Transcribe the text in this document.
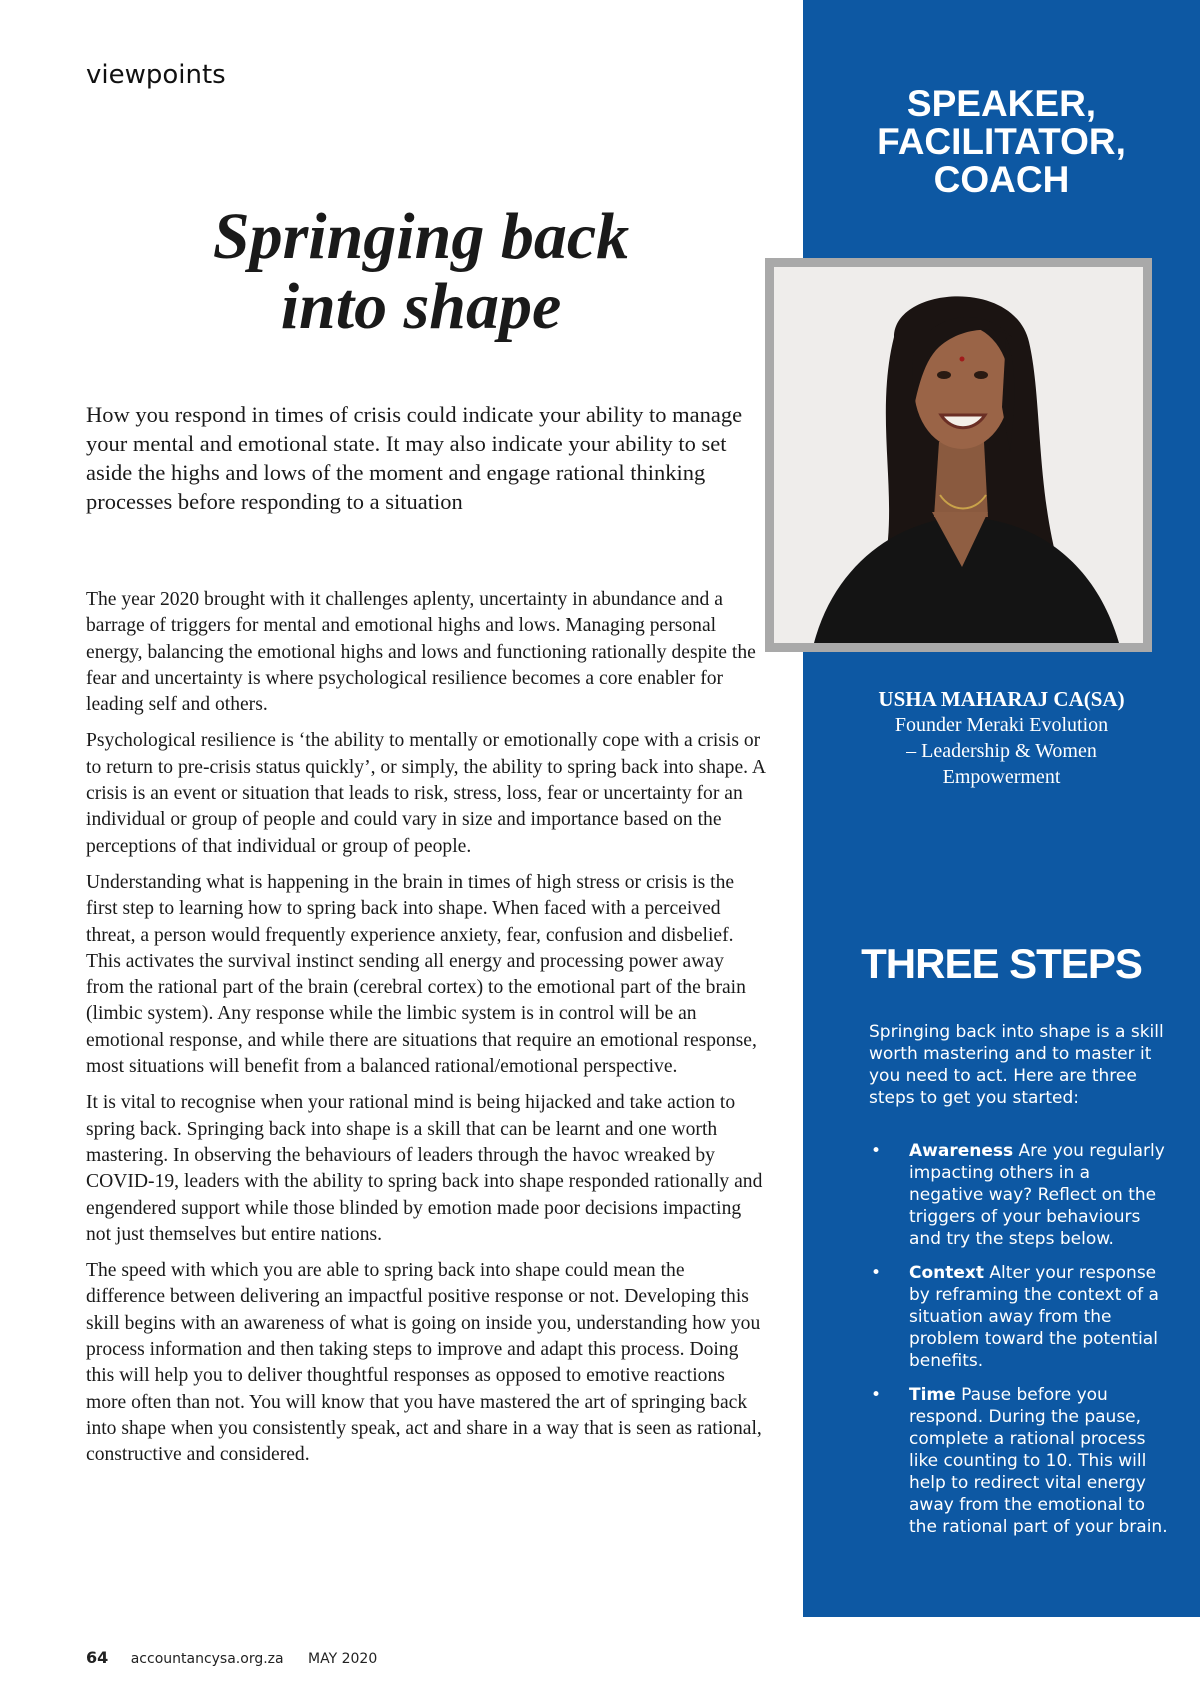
viewpoints
Springing back
into shape

How you respond in times of crisis could indicate your ability to manage your mental and emotional state. It may also indicate your ability to set aside the highs and lows of the moment and engage rational thinking processes before responding to a situation

The year 2020 brought with it challenges aplenty, uncertainty in abundance and a barrage of triggers for mental and emotional highs and lows. Managing personal energy, balancing the emotional highs and lows and functioning rationally despite the fear and uncertainty is where psychological resilience becomes a core enabler for leading self and others.

Psychological resilience is ‘the ability to mentally or emotionally cope with a crisis or to return to pre-crisis status quickly’, or simply, the ability to spring back into shape. A crisis is an event or situation that leads to risk, stress, loss, fear or uncertainty for an individual or group of people and could vary in size and importance based on the perceptions of that individual or group of people.

Understanding what is happening in the brain in times of high stress or crisis is the first step to learning how to spring back into shape. When faced with a perceived threat, a person would frequently experience anxiety, fear, confusion and disbelief. This activates the survival instinct sending all energy and processing power away from the rational part of the brain (cerebral cortex) to the emotional part of the brain (limbic system). Any response while the limbic system is in control will be an emotional response, and while there are situations that require an emotional response, most situations will benefit from a balanced rational/emotional perspective.

It is vital to recognise when your rational mind is being hijacked and take action to spring back. Springing back into shape is a skill that can be learnt and one worth mastering. In observing the behaviours of leaders through the havoc wreaked by COVID-19, leaders with the ability to spring back into shape responded rationally and engendered support while those blinded by emotion made poor decisions impacting not just themselves but entire nations.

The speed with which you are able to spring back into shape could mean the difference between delivering an impactful positive response or not. Developing this skill begins with an awareness of what is going on inside you, understanding how you process information and then taking steps to improve and adapt this process. Doing this will help you to deliver thoughtful responses as opposed to emotive reactions more often than not. You will know that you have mastered the art of springing back into shape when you consistently speak, act and share in a way that is seen as rational, constructive and considered.

SPEAKER,
FACILITATOR,
COACH
USHA MAHARAJ CA(SA)
Founder Meraki Evolution
– Leadership & Women
Empowerment
THREE STEPS

Springing back into shape is a skill worth mastering and to master it you need to act. Here are three steps to get you started:

• Awareness Are you regularly impacting others in a negative way? Reflect on the triggers of your behaviours and try the steps below.
• Context Alter your response by reframing the context of a situation away from the problem toward the potential benefits.
• Time Pause before you respond. During the pause, complete a rational process like counting to 10. This will help to redirect vital energy away from the emotional to the rational part of your brain.
64 accountancysa.org.za MAY 2020
